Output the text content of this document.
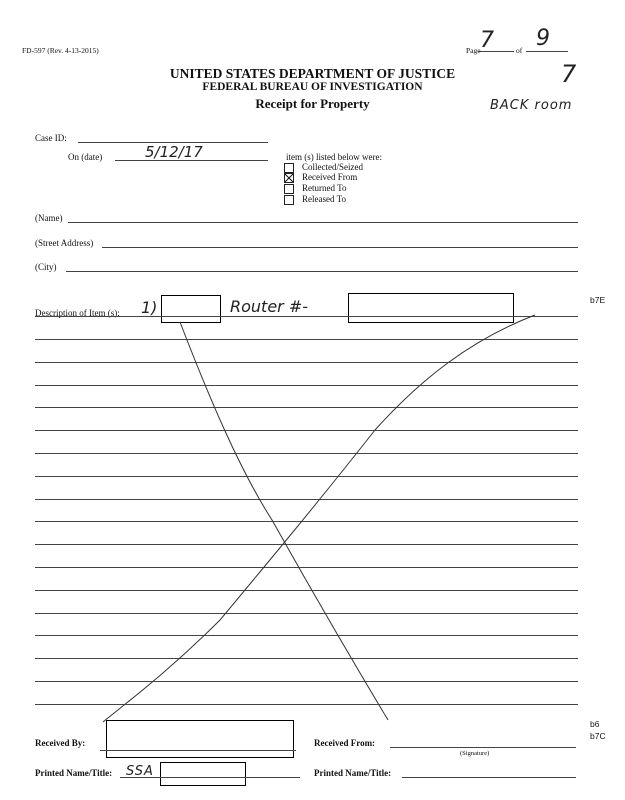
FD-597 (Rev. 4-13-2015)	Page 7	of 9
7
BACK room
UNITED STATES DEPARTMENT OF JUSTICE
FEDERAL BUREAU OF INVESTIGATION
Receipt for Property
Case ID:
On (date)	5/12/17	item (s) listed below were:
Collected/Seized
Received From
Returned To
Released To
(Name)
(Street Address)
(City)
Description of Item (s): 1)	Router #-	b7E
Received By:	Received From:
(Signature)
b6
b7C
Printed Name/Title: SSA	Printed Name/Title:
